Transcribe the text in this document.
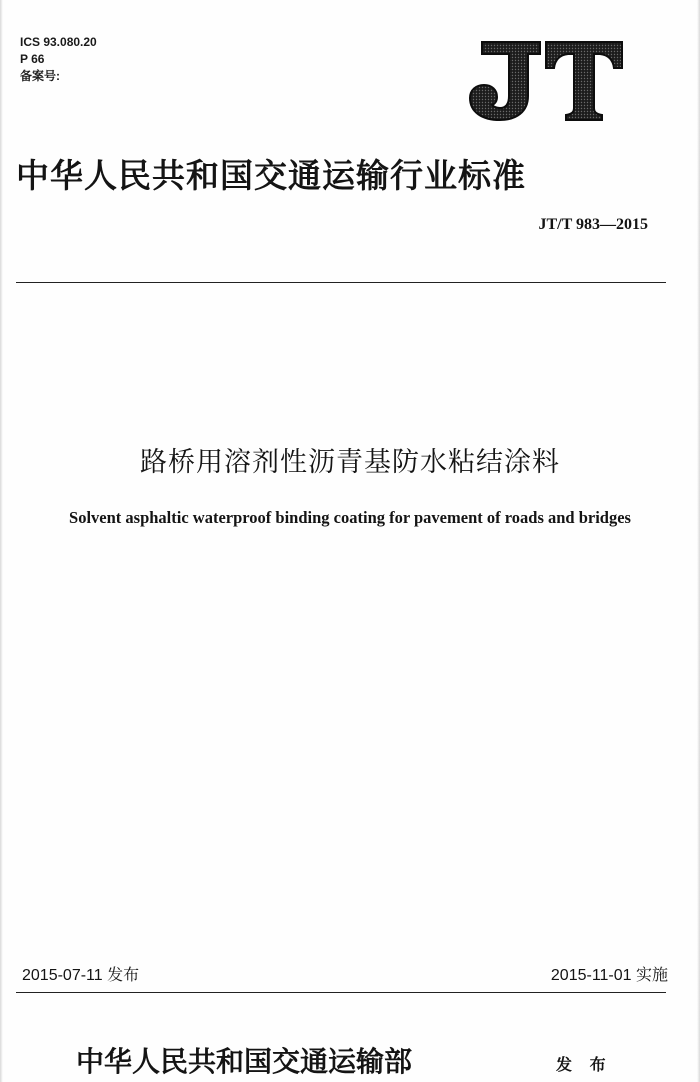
ICS 93.080.20
P 66
备案号:
中华人民共和国交通运输行业标准
JT/T 983—2015
路桥用溶剂性沥青基防水粘结涂料
Solvent asphaltic waterproof binding coating for pavement of roads and bridges
2015-07-11 发布	2015-11-01 实施
中华人民共和国交通运输部	发 布
